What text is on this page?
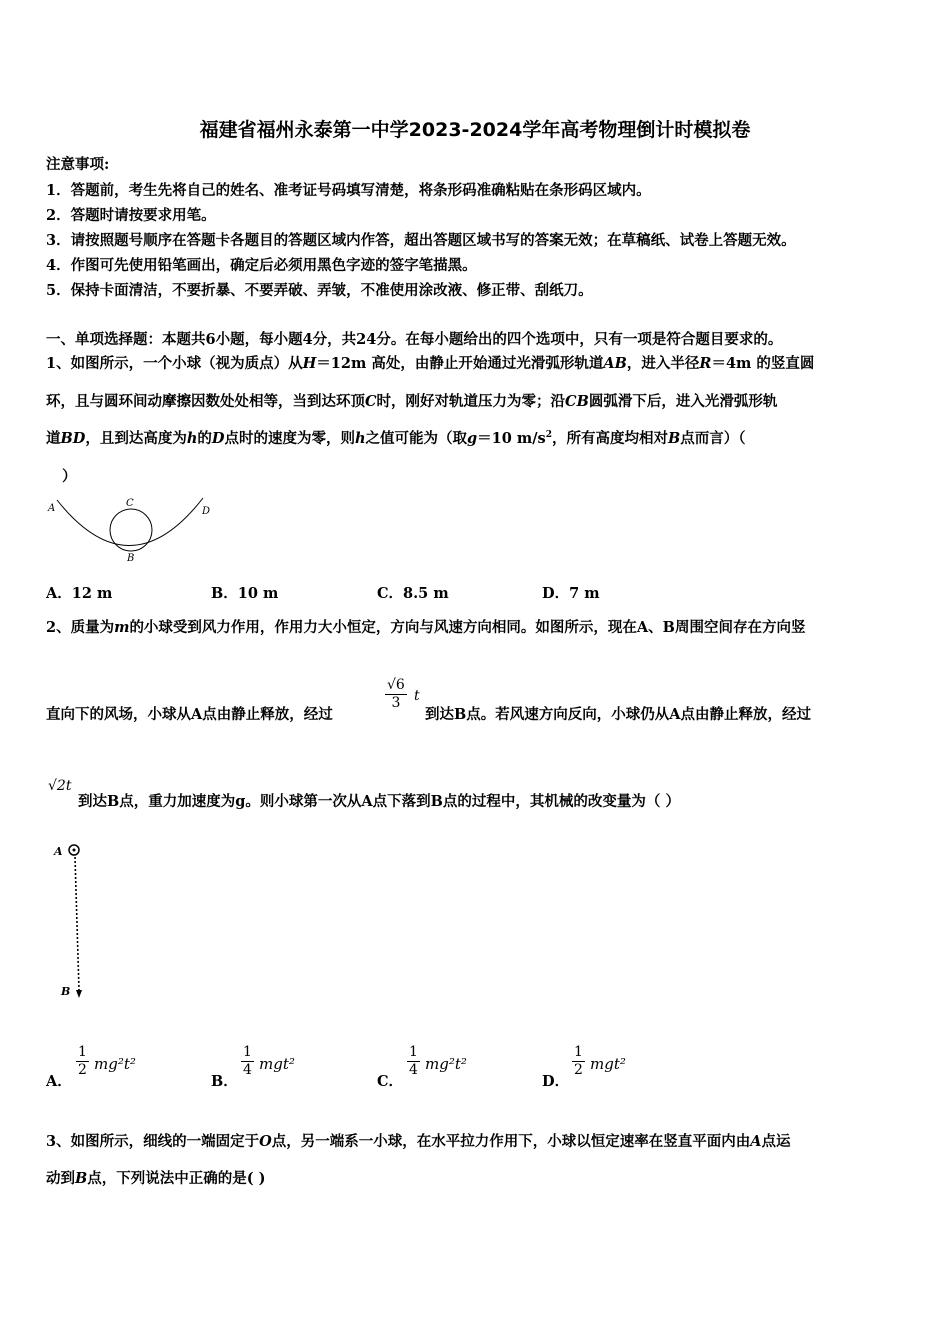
福建省福州永泰第一中学2023-2024学年高考物理倒计时模拟卷
注意事项:
1．答题前，考生先将自己的姓名、准考证号码填写清楚，将条形码准确粘贴在条形码区域内。
2．答题时请按要求用笔。
3．请按照题号顺序在答题卡各题目的答题区域内作答，超出答题区域书写的答案无效；在草稿纸、试卷上答题无效。
4．作图可先使用铅笔画出，确定后必须用黑色字迹的签字笔描黑。
5．保持卡面清洁，不要折暴、不要弄破、弄皱，不准使用涂改液、修正带、刮纸刀。
一、单项选择题：本题共6小题，每小题4分，共24分。在每小题给出的四个选项中，只有一项是符合题目要求的。
1、如图所示，一个小球（视为质点）从H＝12m 高处，由静止开始通过光滑弧形轨道AB，进入半径R＝4m 的竖直圆
环，且与圆环间动摩擦因数处处相等，当到达环顶C时，刚好对轨道压力为零；沿CB圆弧滑下后，进入光滑弧形轨
道BD，且到达高度为h的D点时的速度为零，则h之值可能为（取g＝10 $m/s^2$，所有高度均相对B点而言）（
）
A	C
D
B
A．12 m	B．10 m	C．8.5 m	D．7 m
2、质量为m的小球受到风力作用，作用力大小恒定，方向与风速方向相同。如图所示，现在A、B周围空间存在方向竖
直向下的风场，小球从A点由静止释放，经过
$\frac{√6}{3}$ t
到达B点。若风速方向反向，小球仍从A点由静止释放，经过
√2t
到达B点，重力加速度为g。则小球第一次从A点下落到B点的过程中，其机械的改变量为（ ）
A
B
A．
$\frac{1}{2} mg^2t^2$
B．
$\frac{1}{4} mgt^2$
C．
$\frac{1}{4} mg^2t^2$
D．
$\frac{1}{2} mgt^2$
3、如图所示，细线的一端固定于O点，另一端系一小球，在水平拉力作用下，小球以恒定速率在竖直平面内由A点运
动到B点，下列说法中正确的是( )
